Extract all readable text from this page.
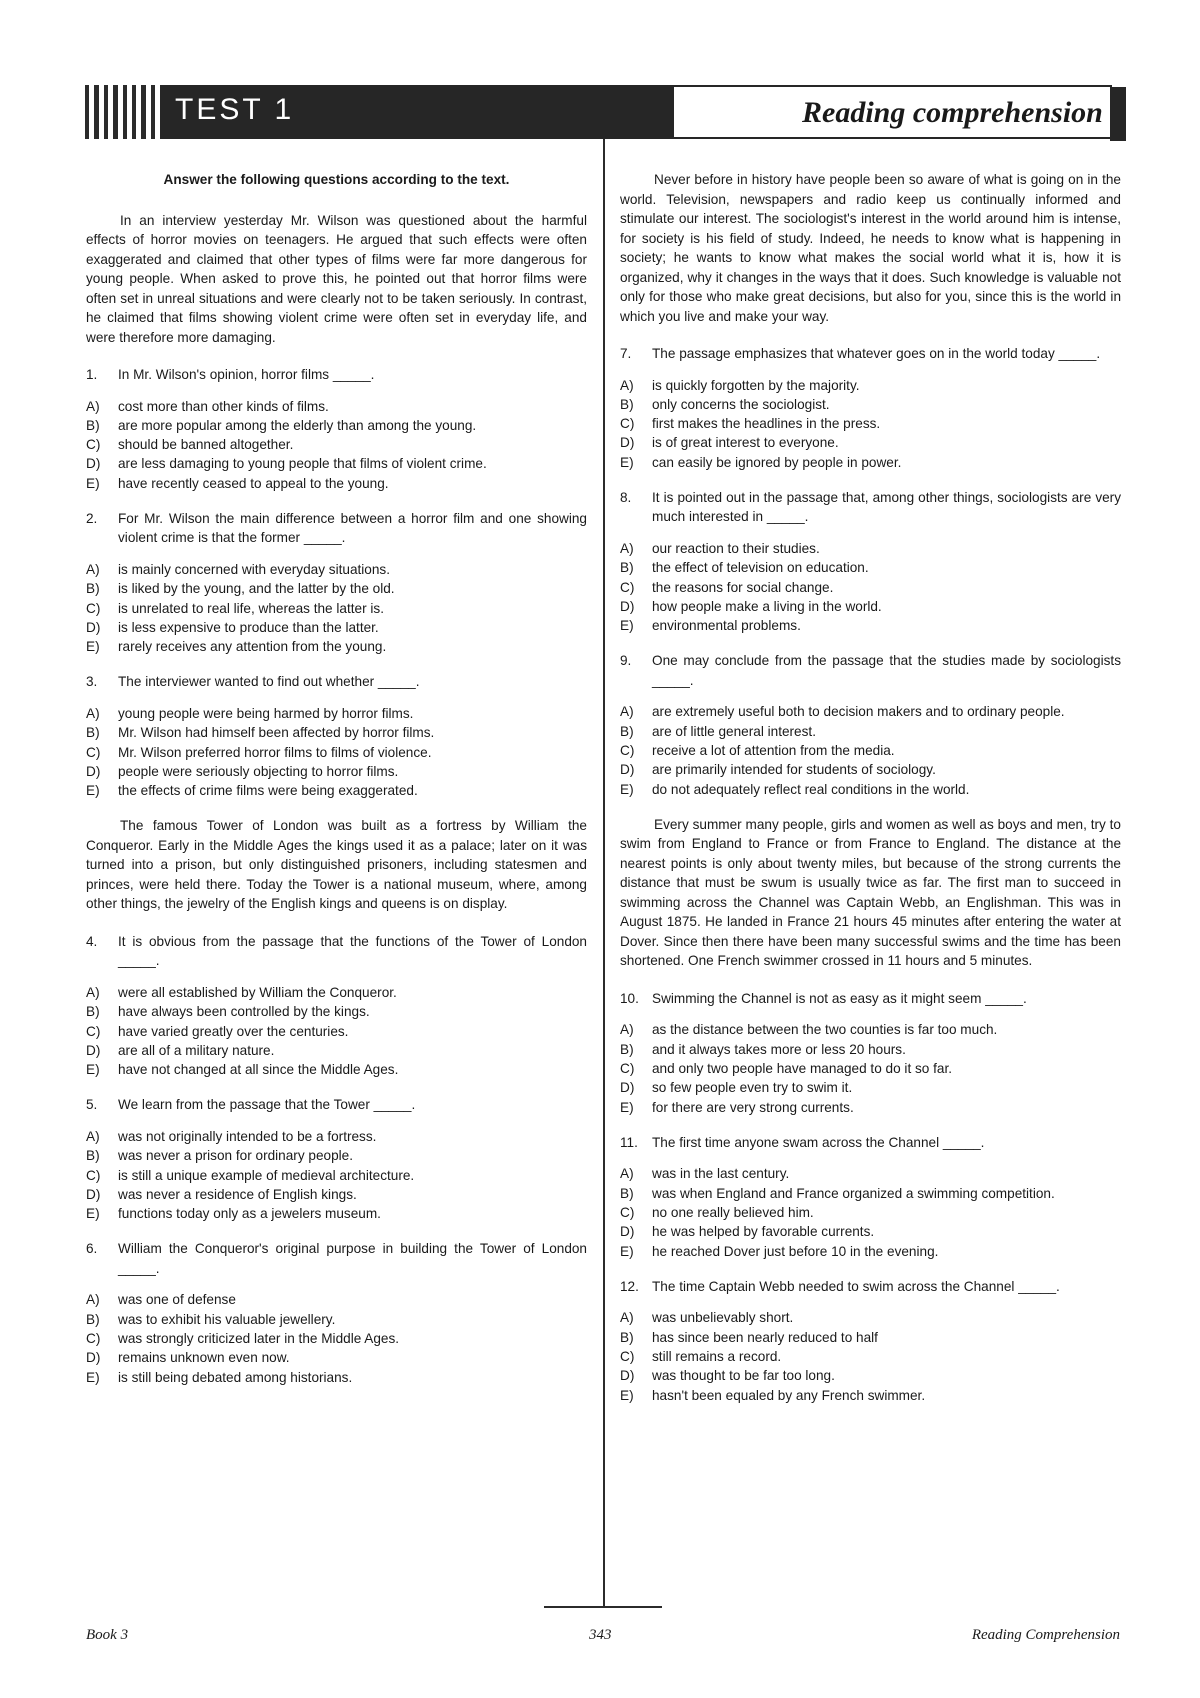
TEST 1	Reading comprehension

Answer the following questions according to the text.

In an interview yesterday Mr. Wilson was questioned about the harmful effects of horror movies on teenagers. He argued that such effects were often exaggerated and claimed that other types of films were far more dangerous for young people. When asked to prove this, he pointed out that horror films were often set in unreal situations and were clearly not to be taken seriously. In contrast, he claimed that films showing violent crime were often set in everyday life, and were therefore more damaging.

1.	In Mr. Wilson's opinion, horror films _____.
A)	cost more than other kinds of films.
B)	are more popular among the elderly than among the young.
C)	should be banned altogether.
D)	are less damaging to young people that films of violent crime.
E)	have recently ceased to appeal to the young.
2.	For Mr. Wilson the main difference between a horror film and one showing violent crime is that the former _____.
A)	is mainly concerned with everyday situations.
B)	is liked by the young, and the latter by the old.
C)	is unrelated to real life, whereas the latter is.
D)	is less expensive to produce than the latter.
E)	rarely receives any attention from the young.
3.	The interviewer wanted to find out whether _____.
A)	young people were being harmed by horror films.
B)	Mr. Wilson had himself been affected by horror films.
C)	Mr. Wilson preferred horror films to films of violence.
D)	people were seriously objecting to horror films.
E)	the effects of crime films were being exaggerated.

The famous Tower of London was built as a fortress by William the Conqueror. Early in the Middle Ages the kings used it as a palace; later on it was turned into a prison, but only distinguished prisoners, including statesmen and princes, were held there. Today the Tower is a national museum, where, among other things, the jewelry of the English kings and queens is on display.

4.	It is obvious from the passage that the functions of the Tower of London _____.
A)	were all established by William the Conqueror.
B)	have always been controlled by the kings.
C)	have varied greatly over the centuries.
D)	are all of a military nature.
E)	have not changed at all since the Middle Ages.
5.	We learn from the passage that the Tower _____.
A)	was not originally intended to be a fortress.
B)	was never a prison for ordinary people.
C)	is still a unique example of medieval architecture.
D)	was never a residence of English kings.
E)	functions today only as a jewelers museum.
6.	William the Conqueror's original purpose in building the Tower of London _____.
A)	was one of defense
B)	was to exhibit his valuable jewellery.
C)	was strongly criticized later in the Middle Ages.
D)	remains unknown even now.
E)	is still being debated among historians.

Never before in history have people been so aware of what is going on in the world. Television, newspapers and radio keep us continually informed and stimulate our interest. The sociologist's interest in the world around him is intense, for society is his field of study. Indeed, he needs to know what is happening in society; he wants to know what makes the social world what it is, how it is organized, why it changes in the ways that it does. Such knowledge is valuable not only for those who make great decisions, but also for you, since this is the world in which you live and make your way.

7.	The passage emphasizes that whatever goes on in the world today _____.
A)	is quickly forgotten by the majority.
B)	only concerns the sociologist.
C)	first makes the headlines in the press.
D)	is of great interest to everyone.
E)	can easily be ignored by people in power.
8.	It is pointed out in the passage that, among other things, sociologists are very much interested in _____.
A)	our reaction to their studies.
B)	the effect of television on education.
C)	the reasons for social change.
D)	how people make a living in the world.
E)	environmental problems.
9.	One may conclude from the passage that the studies made by sociologists _____.
A)	are extremely useful both to decision makers and to ordinary people.
B)	are of little general interest.
C)	receive a lot of attention from the media.
D)	are primarily intended for students of sociology.
E)	do not adequately reflect real conditions in the world.

Every summer many people, girls and women as well as boys and men, try to swim from England to France or from France to England. The distance at the nearest points is only about twenty miles, but because of the strong currents the distance that must be swum is usually twice as far. The first man to succeed in swimming across the Channel was Captain Webb, an Englishman. This was in August 1875. He landed in France 21 hours 45 minutes after entering the water at Dover. Since then there have been many successful swims and the time has been shortened. One French swimmer crossed in 11 hours and 5 minutes.

10. Swimming the Channel is not as easy as it might seem _____.
A)	as the distance between the two counties is far too much.
B)	and it always takes more or less 20 hours.
C)	and only two people have managed to do it so far.
D)	so few people even try to swim it.
E)	for there are very strong currents.
11.	The first time anyone swam across the Channel _____.
A)	was in the last century.
B)	was when England and France organized a swimming competition.
C)	no one really believed him.
D)	he was helped by favorable currents.
E)	he reached Dover just before 10 in the evening.
12. The time Captain Webb needed to swim across the Channel _____.
A)	was unbelievably short.
B)	has since been nearly reduced to half
C)	still remains a record.
D)	was thought to be far too long.
E)	hasn't been equaled by any French swimmer.
Book 3	343	Reading Comprehension
